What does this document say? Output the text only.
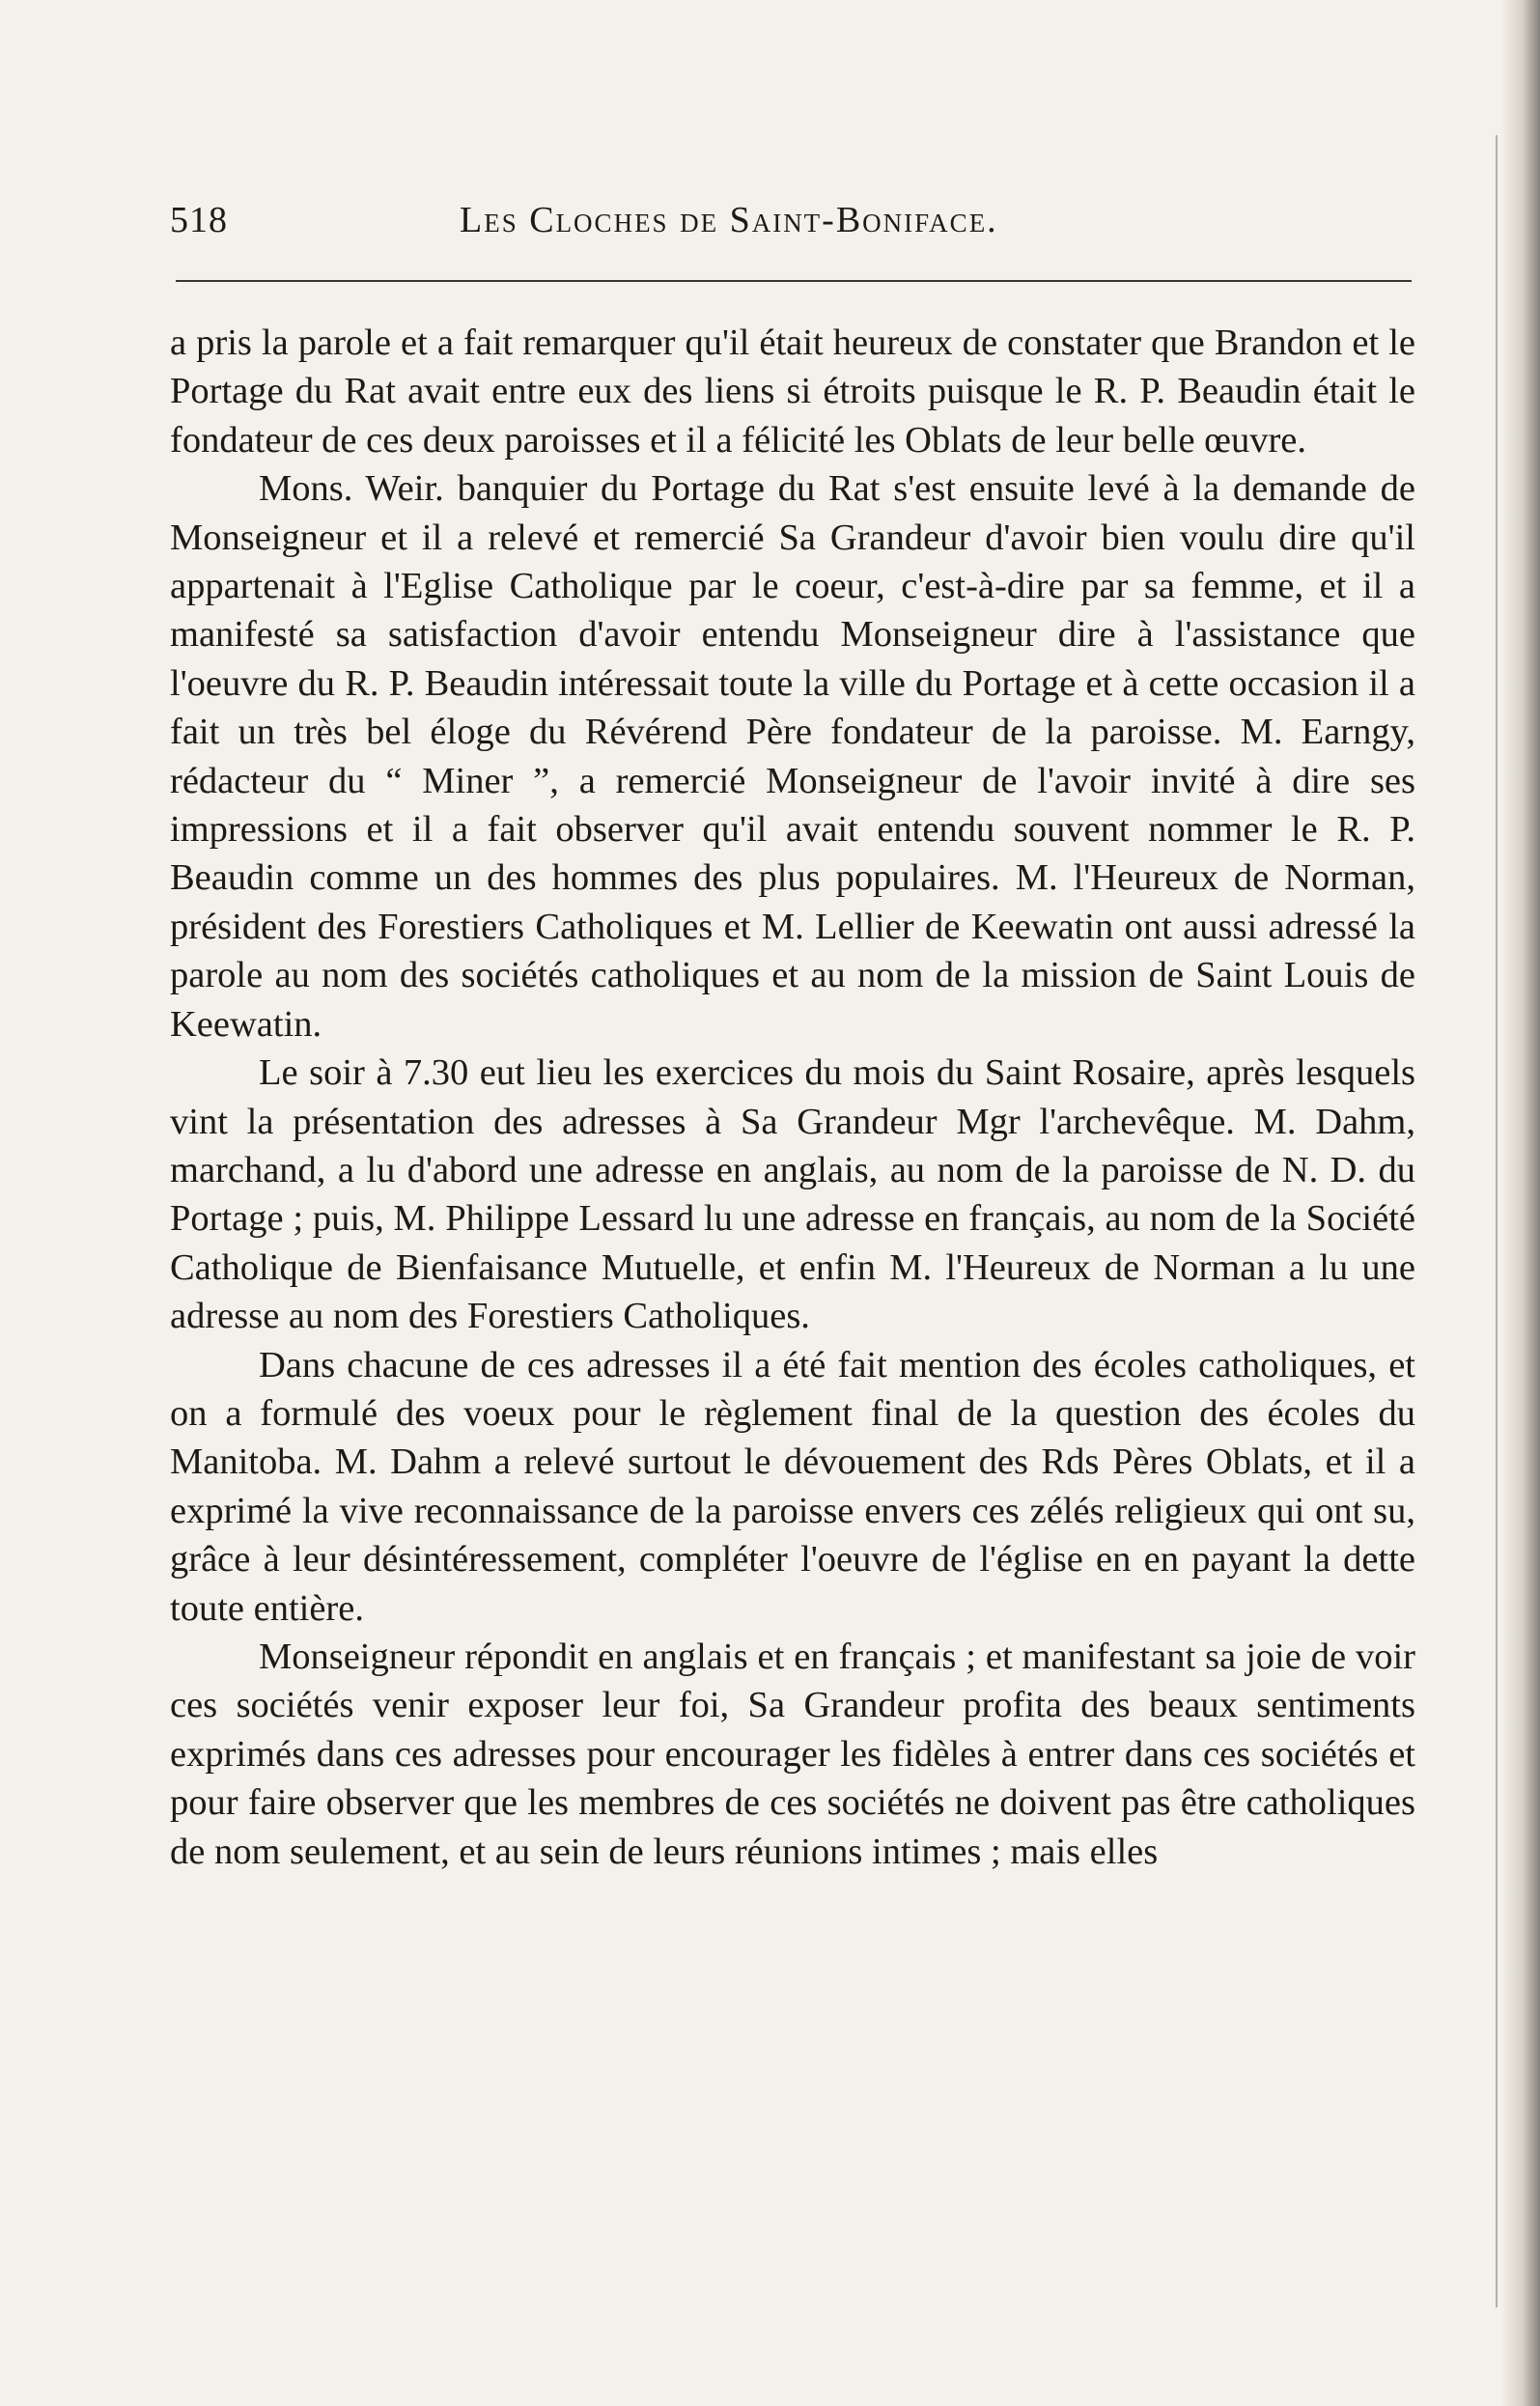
518	Les Cloches de Saint-Boniface.

a pris la parole et a fait remarquer qu'il était heureux de constater que Brandon et le Portage du Rat avait entre eux des liens si étroits puisque le R. P. Beaudin était le fondateur de ces deux paroisses et il a félicité les Oblats de leur belle œuvre.

Mons. Weir. banquier du Portage du Rat s'est ensuite levé à la demande de Monseigneur et il a relevé et remercié Sa Grandeur d'avoir bien voulu dire qu'il appartenait à l'Eglise Catholique par le coeur, c'est-à-dire par sa femme, et il a manifesté sa satisfaction d'avoir entendu Monseigneur dire à l'assistance que l'oeuvre du R. P. Beaudin intéressait toute la ville du Portage et à cette occasion il a fait un très bel éloge du Révérend Père fondateur de la paroisse. M. Earngy, rédacteur du “ Miner ”, a remercié Monseigneur de l'avoir invité à dire ses impressions et il a fait observer qu'il avait entendu souvent nommer le R. P. Beaudin comme un des hommes des plus populaires. M. l'Heureux de Norman, président des Forestiers Catholiques et M. Lellier de Keewatin ont aussi adressé la parole au nom des sociétés catholiques et au nom de la mission de Saint Louis de Keewatin.

Le soir à 7.30 eut lieu les exercices du mois du Saint Rosaire, après lesquels vint la présentation des adresses à Sa Grandeur Mgr l'archevêque. M. Dahm, marchand, a lu d'abord une adresse en anglais, au nom de la paroisse de N. D. du Portage ; puis, M. Philippe Lessard lu une adresse en français, au nom de la Société Catholique de Bienfaisance Mutuelle, et enfin M. l'Heureux de Norman a lu une adresse au nom des Forestiers Catholiques.

Dans chacune de ces adresses il a été fait mention des écoles catholiques, et on a formulé des voeux pour le règlement final de la question des écoles du Manitoba. M. Dahm a relevé surtout le dévouement des Rds Pères Oblats, et il a exprimé la vive reconnaissance de la paroisse envers ces zélés religieux qui ont su, grâce à leur désintéressement, compléter l'oeuvre de l'église en en payant la dette toute entière.

Monseigneur répondit en anglais et en français ; et manifestant sa joie de voir ces sociétés venir exposer leur foi, Sa Grandeur profita des beaux sentiments exprimés dans ces adresses pour encourager les fidèles à entrer dans ces sociétés et pour faire observer que les membres de ces sociétés ne doivent pas être catholiques de nom seulement, et au sein de leurs réunions intimes ; mais elles
